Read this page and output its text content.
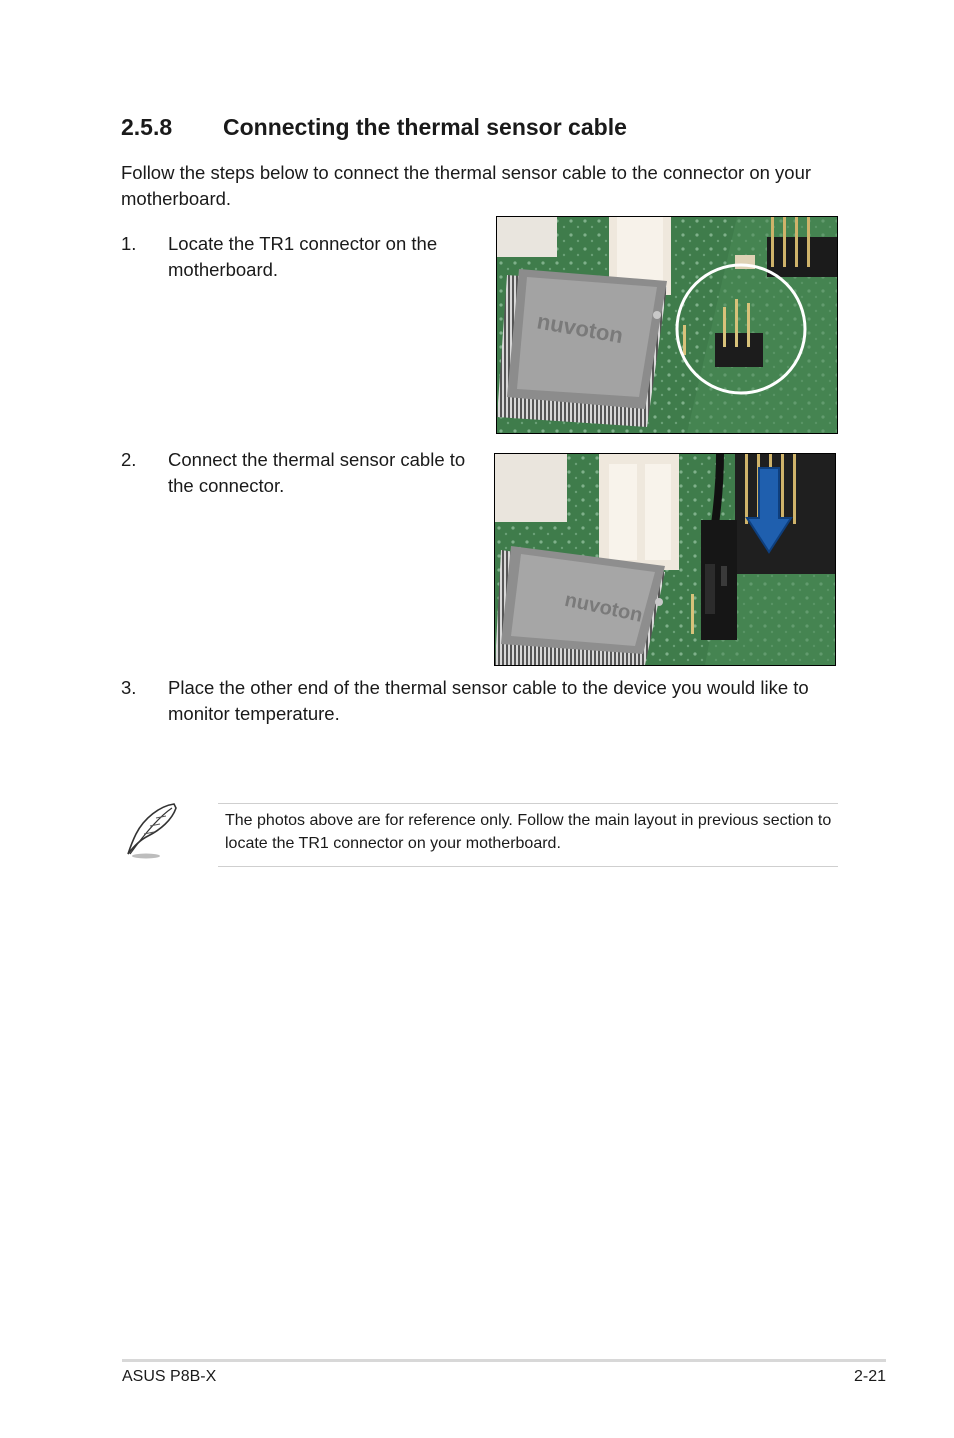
2.5.8 Connecting the thermal sensor cable
Follow the steps below to connect the thermal sensor cable to the connector on your motherboard.
1. Locate the TR1 connector on the motherboard.
nuvoton
2. Connect the thermal sensor cable to the connector.
nuvoton
3. Place the other end of the thermal sensor cable to the device you would like to monitor temperature.
The photos above are for reference only. Follow the main layout in previous section to locate the TR1 connector on your motherboard.
ASUS P8B-X	2-21
